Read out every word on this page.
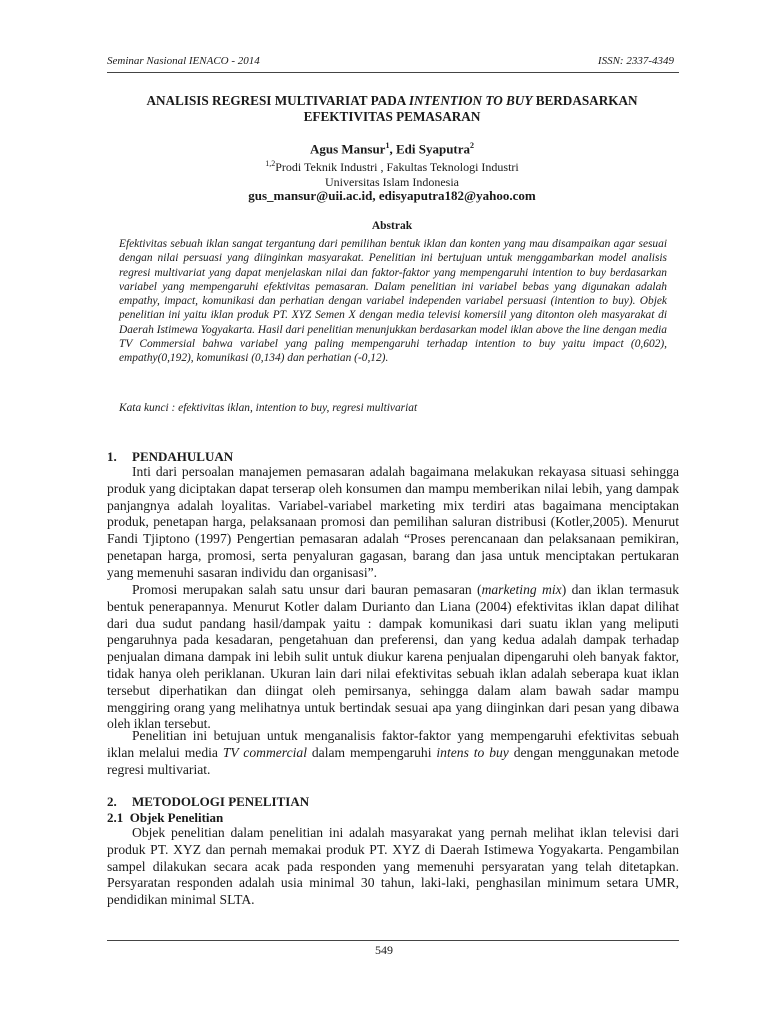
Seminar Nasional IENACO - 2014	ISSN: 2337-4349
ANALISIS REGRESI MULTIVARIAT PADA INTENTION TO BUY BERDASARKAN
EFEKTIVITAS PEMASARAN
Agus Mansur$^1$, Edi Syaputra$^2$
$^{1,2}$Prodi Teknik Industri , Fakultas Teknologi Industri
Universitas Islam Indonesia
gus_mansur@uii.ac.id, edisyaputra182@yahoo.com
Abstrak
Efektivitas sebuah iklan sangat tergantung dari pemilihan bentuk iklan dan konten yang mau disampaikan agar sesuai dengan nilai persuasi yang diinginkan masyarakat. Penelitian ini bertujuan untuk menggambarkan model analisis regresi multivariat yang dapat menjelaskan nilai dan faktor-faktor yang mempengaruhi intention to buy berdasarkan variabel yang mempengaruhi efektivitas pemasaran. Dalam penelitian ini variabel bebas yang digunakan adalah empathy, impact, komunikasi dan perhatian dengan variabel independen variabel persuasi (intention to buy). Objek penelitian ini yaitu iklan produk PT. XYZ Semen X dengan media televisi komersiil yang ditonton oleh masyarakat di Daerah Istimewa Yogyakarta. Hasil dari penelitian menunjukkan berdasarkan model iklan above the line dengan media TV Commersial bahwa variabel yang paling mempengaruhi terhadap intention to buy yaitu impact (0,602), empathy(0,192), komunikasi (0,134) dan perhatian (-0,12).
Kata kunci : efektivitas iklan, intention to buy, regresi multivariat
1. PENDAHULUAN
Inti dari persoalan manajemen pemasaran adalah bagaimana melakukan rekayasa situasi sehingga produk yang diciptakan dapat terserap oleh konsumen dan mampu memberikan nilai lebih, yang dampak panjangnya adalah loyalitas. Variabel-variabel marketing mix terdiri atas bagaimana menciptakan produk, penetapan harga, pelaksanaan promosi dan pemilihan saluran distribusi (Kotler,2005). Menurut Fandi Tjiptono (1997) Pengertian pemasaran adalah “Proses perencanaan dan pelaksanaan pemikiran, penetapan harga, promosi, serta penyaluran gagasan, barang dan jasa untuk menciptakan pertukaran yang memenuhi sasaran individu dan organisasi”.
Promosi merupakan salah satu unsur dari bauran pemasaran (marketing mix) dan iklan termasuk bentuk penerapannya. Menurut Kotler dalam Durianto dan Liana (2004) efektivitas iklan dapat dilihat dari dua sudut pandang hasil/dampak yaitu : dampak komunikasi dari suatu iklan yang meliputi pengaruhnya pada kesadaran, pengetahuan dan preferensi, dan yang kedua adalah dampak terhadap penjualan dimana dampak ini lebih sulit untuk diukur karena penjualan dipengaruhi oleh banyak faktor, tidak hanya oleh periklanan. Ukuran lain dari nilai efektivitas sebuah iklan adalah seberapa kuat iklan tersebut diperhatikan dan diingat oleh pemirsanya, sehingga dalam alam bawah sadar mampu menggiring orang yang melihatnya untuk bertindak sesuai apa yang diinginkan dari pesan yang dibawa oleh iklan tersebut.
Penelitian ini betujuan untuk menganalisis faktor-faktor yang mempengaruhi efektivitas sebuah iklan melalui media TV commercial dalam mempengaruhi intens to buy dengan menggunakan metode regresi multivariat.
2. METODOLOGI PENELITIAN
2.1 Objek Penelitian
Objek penelitian dalam penelitian ini adalah masyarakat yang pernah melihat iklan televisi dari produk PT. XYZ dan pernah memakai produk PT. XYZ di Daerah Istimewa Yogyakarta. Pengambilan sampel dilakukan secara acak pada responden yang memenuhi persyaratan yang telah ditetapkan. Persyaratan responden adalah usia minimal 30 tahun, laki-laki, penghasilan minimum setara UMR, pendidikan minimal SLTA.
549
